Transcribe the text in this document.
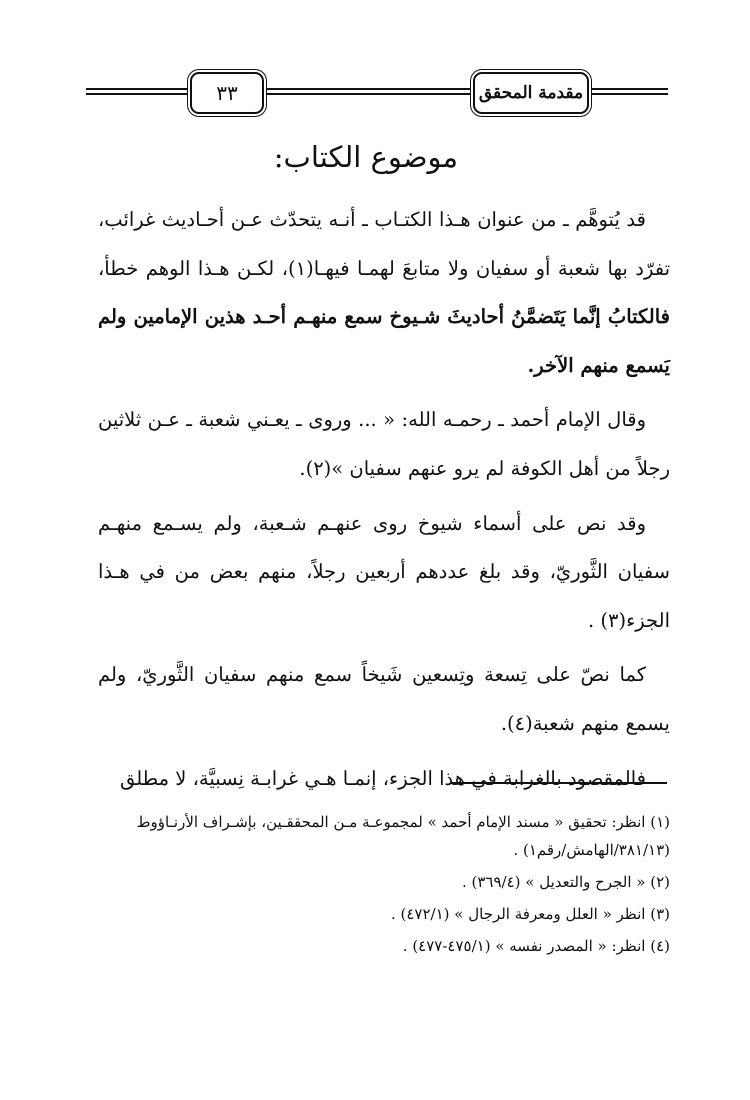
مقدمة المحقق
٣٣
موضوع الكتاب:

قد يُتوهَّم ـ من عنوان هـذا الكتـاب ـ أنـه يتحدّث عـن أحـاديث غرائب، تفرّد بها شعبة أو سفيان ولا متابعَ لهمـا فيهـا(١)، لكـن هـذا الوهم خطأ، فالكتابُ إنَّما يَتَضمَّنُ أحاديثَ شـيوخ سمع منهـم أحـد هذين الإمامين ولم يَسمع منهم الآخر.

وقال الإمام أحمد ـ رحمـه الله: « ... وروى ـ يعـني شعبة ـ عـن ثلاثين رجلاً من أهل الكوفة لم يرو عنهم سفيان »(٢).

وقد نص على أسماء شيوخ روى عنهـم شـعبة، ولم يسـمع منهـم سفيان الثَّوريّ، وقد بلغ عددهم أربعين رجلاً، منهم بعض من في هـذا الجزء(٣) .

كما نصّ على تِسعة وتِسعين شَيخاً سمع منهم سفيان الثَّوريّ، ولم يسمع منهم شعبة(٤).

فالمقصود بالغرابة في هذا الجزء، إنمـا هـي غرابـة نِسبيَّة، لا مطلق

(١) انظر: تحقيق « مسند الإمام أحمد » لمجموعـة مـن المحققـين، بإشـراف الأرنـاؤوط (٣٨١/١٣/الهامش/رقم١) .
(٢) « الجرح والتعديل » (٣٦٩/٤) .
(٣) انظر « العلل ومعرفة الرجال » (٤٧٢/١) .
(٤) انظر: « المصدر نفسه » (٤٧٥/١-٤٧٧) .
